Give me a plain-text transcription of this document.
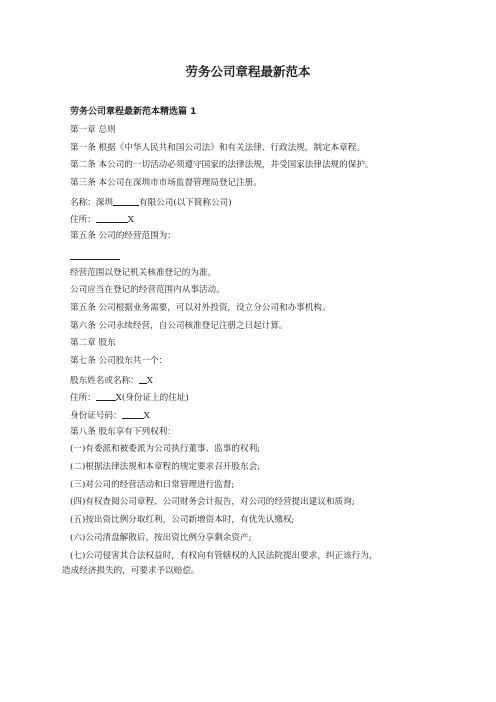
劳务公司章程最新范本
劳务公司章程最新范本精选篇 1
第一章 总则
第一条 根据《中华人民共和国公司法》和有关法律、行政法规，制定本章程。
第二条 本公司的一切活动必须遵守国家的法律法规，并受国家法律法规的保护。
第三条 本公司在深圳市市场监督管理局登记注册。
名称：深圳	有限公司(以下简称公司)
住所：	X
第五条 公司的经营范围为：
经营范围以登记机关核准登记的为准。
公司应当在登记的经营范围内从事活动。
第五条 公司根据业务需要，可以对外投资，设立分公司和办事机构。
第六条 公司永续经营，自公司核准登记注册之日起计算。
第二章 股东
第七条 公司股东共一个：
股东姓名或名称： X
住所： X(身份证上的住址)
身份证号码：	X
第八条 股东享有下列权利：
(一)有委派和被委派为公司执行董事、监事的权利;
(二)根据法律法规和本章程的规定要求召开股东会;
(三)对公司的经营活动和日常管理进行监督;
(四)有权查阅公司章程、公司财务会计报告，对公司的经营提出建议和质询;
(五)按出资比例分取红利，公司新增资本时，有优先认缴权;
(六)公司清盘解散后，按出资比例分享剩余资产;
(七)公司侵害其合法权益时，有权向有管辖权的人民法院提出要求，纠正该行为，
造成经济损失的，可要求予以赔偿。
